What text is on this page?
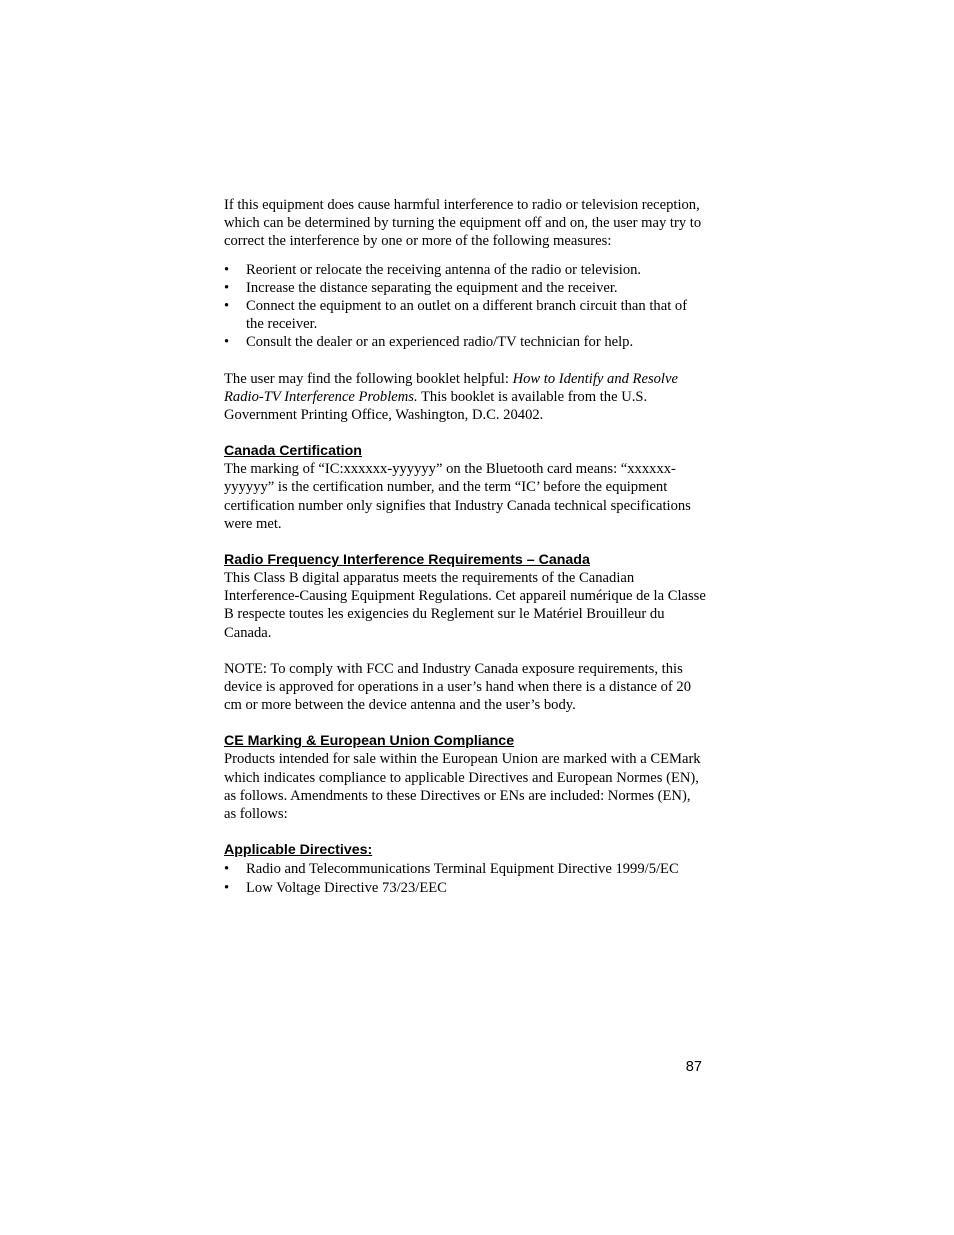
If this equipment does cause harmful interference to radio or television reception, which can be determined by turning the equipment off and on, the user may try to correct the interference by one or more of the following measures:

•	Reorient or relocate the receiving antenna of the radio or television.
•	Increase the distance separating the equipment and the receiver.
•	Connect the equipment to an outlet on a different branch circuit than that of the receiver.
•	Consult the dealer or an experienced radio/TV technician for help.

The user may find the following booklet helpful: How to Identify and Resolve Radio-TV Interference Problems. This booklet is available from the U.S. Government Printing Office, Washington, D.C. 20402.

Canada Certification

The marking of “IC:xxxxxx-yyyyyy” on the Bluetooth card means: “xxxxxx-yyyyyy” is the certification number, and the term “IC’ before the equipment certification number only signifies that Industry Canada technical specifications were met.

Radio Frequency Interference Requirements – Canada

This Class B digital apparatus meets the requirements of the Canadian Interference-Causing Equipment Regulations. Cet appareil numérique de la Classe B respecte toutes les exigencies du Reglement sur le Matériel Brouilleur du Canada.

NOTE: To comply with FCC and Industry Canada exposure requirements, this device is approved for operations in a user’s hand when there is a distance of 20 cm or more between the device antenna and the user’s body.

CE Marking & European Union Compliance

Products intended for sale within the European Union are marked with a CEMark which indicates compliance to applicable Directives and European Normes (EN), as follows. Amendments to these Directives or ENs are included: Normes (EN), as follows:

Applicable Directives:
•	Radio and Telecommunications Terminal Equipment Directive 1999/5/EC
•	Low Voltage Directive 73/23/EEC
87
